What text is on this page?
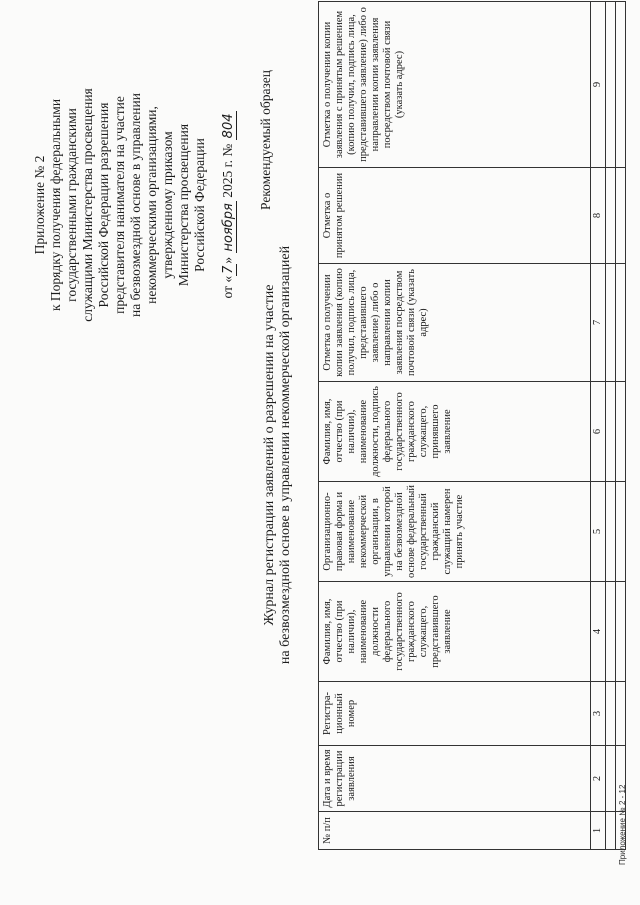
Приложение № 2 к Порядку получения федеральными государственными гражданскими служащими Министерства просвещения Российской Федерации разрешения представителя нанимателя на участие на безвозмездной основе в управлении некоммерческими организациями, утвержденному приказом Министерства просвещения Российской Федерации
от «7» ноября 2025 г. № 804 Рекомендуемый образец
Журнал регистрации заявлений о разрешении на участие на безвозмездной основе в управлении некоммерческой организацией
№ п/п	Дата и время регистрации заявления	Регистра-ционный номер	Фамилия, имя, отчество (при наличии), наименование должности федерального государственного гражданского служащего, представившего заявление	Организационно-правовая форма и наименование некоммерческой организации, в управлении которой на безвозмездной основе федеральный государственный гражданский служащий намерен принять участие	Фамилия, имя, отчество (при наличии), наименование должности, подпись федерального государственного гражданского служащего, принявшего заявление	Отметка о получении копии заявления (копию получил, подпись лица, представившего заявление) либо о направлении копии заявления посредством почтовой связи (указать адрес)	Отметка о принятом решении	Отметка о получении копии заявления с принятым решением (копию получил, подпись лица, представившего заявление) либо о направлении копии заявления посредством почтовой связи (указать адрес)
1	2	3	4	5	6	7	8	9

Приложение № 2 - 12
